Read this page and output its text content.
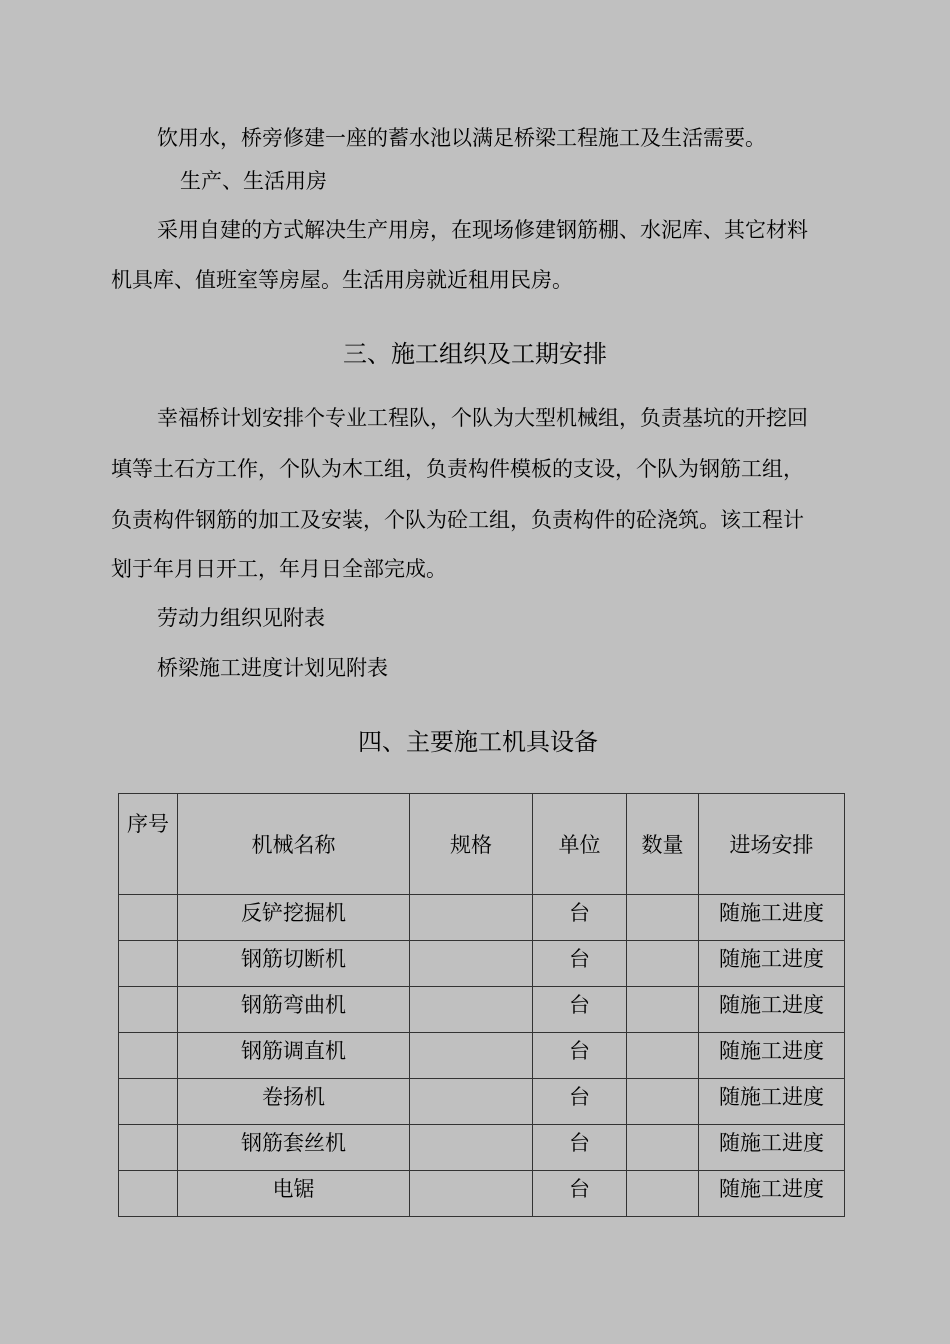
饮用水，桥旁修建一座的蓄水池以满足桥梁工程施工及生活需要。
生产、生活用房
采用自建的方式解决生产用房，在现场修建钢筋棚、水泥库、其它材料
机具库、值班室等房屋。生活用房就近租用民房。
三、施工组织及工期安排
幸福桥计划安排个专业工程队，个队为大型机械组，负责基坑的开挖回
填等土石方工作，个队为木工组，负责构件模板的支设，个队为钢筋工组，
负责构件钢筋的加工及安装，个队为砼工组，负责构件的砼浇筑。该工程计
划于年月日开工，年月日全部完成。
劳动力组织见附表
桥梁施工进度计划见附表
四、主要施工机具设备
序号	机械名称	规格	单位	数量	进场安排
	反铲挖掘机		台		随施工进度
	钢筋切断机		台		随施工进度
	钢筋弯曲机		台		随施工进度
	钢筋调直机		台		随施工进度
	卷扬机		台		随施工进度
	钢筋套丝机		台		随施工进度
	电锯		台		随施工进度
